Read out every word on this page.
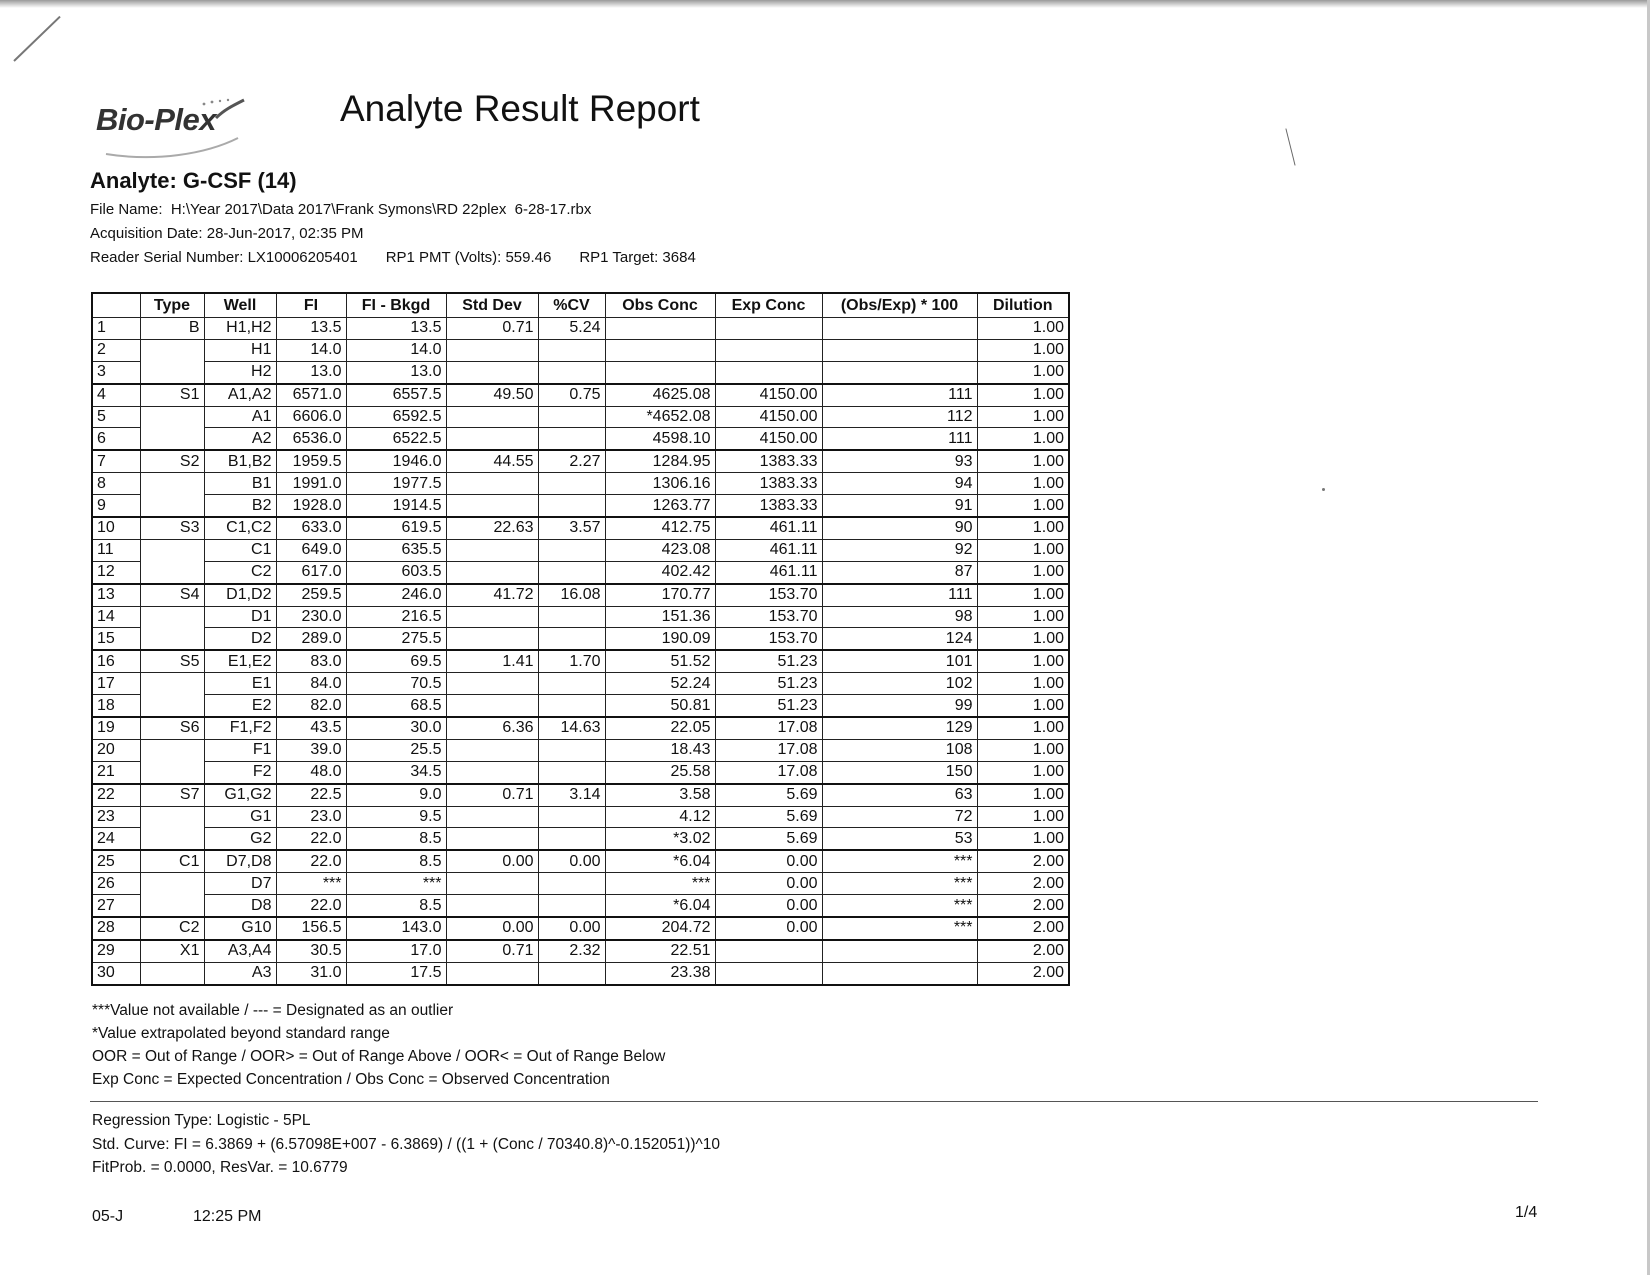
Bio-Plex	Analyte Result Report
Analyte: G-CSF (14)
File Name:  H:\Year 2017\Data 2017\Frank Symons\RD 22plex  6-28-17.rbx
Acquisition Date: 28-Jun-2017, 02:35 PM
Reader Serial Number: LX10006205401 RP1 PMT (Volts): 559.46 RP1 Target: 3684
	Type	Well	FI	FI - Bkgd	Std Dev	%CV	Obs Conc	Exp Conc	(Obs/Exp) * 100	Dilution
1	B	H1,H2	13.5	13.5	0.71	5.24				1.00
2		H1	14.0	14.0						1.00
3		H2	13.0	13.0						1.00
4	S1	A1,A2	6571.0	6557.5	49.50	0.75	4625.08	4150.00	111	1.00
5		A1	6606.0	6592.5			*4652.08	4150.00	112	1.00
6		A2	6536.0	6522.5			4598.10	4150.00	111	1.00
7	S2	B1,B2	1959.5	1946.0	44.55	2.27	1284.95	1383.33	93	1.00
8		B1	1991.0	1977.5			1306.16	1383.33	94	1.00
9		B2	1928.0	1914.5			1263.77	1383.33	91	1.00
10	S3	C1,C2	633.0	619.5	22.63	3.57	412.75	461.11	90	1.00
11		C1	649.0	635.5			423.08	461.11	92	1.00
12		C2	617.0	603.5			402.42	461.11	87	1.00
13	S4	D1,D2	259.5	246.0	41.72	16.08	170.77	153.70	111	1.00
14		D1	230.0	216.5			151.36	153.70	98	1.00
15		D2	289.0	275.5			190.09	153.70	124	1.00
16	S5	E1,E2	83.0	69.5	1.41	1.70	51.52	51.23	101	1.00
17		E1	84.0	70.5			52.24	51.23	102	1.00
18		E2	82.0	68.5			50.81	51.23	99	1.00
19	S6	F1,F2	43.5	30.0	6.36	14.63	22.05	17.08	129	1.00
20		F1	39.0	25.5			18.43	17.08	108	1.00
21		F2	48.0	34.5			25.58	17.08	150	1.00
22	S7	G1,G2	22.5	9.0	0.71	3.14	3.58	5.69	63	1.00
23		G1	23.0	9.5			4.12	5.69	72	1.00
24		G2	22.0	8.5			*3.02	5.69	53	1.00
25	C1	D7,D8	22.0	8.5	0.00	0.00	*6.04	0.00	***	2.00
26		D7	***	***			***	0.00	***	2.00
27		D8	22.0	8.5			*6.04	0.00	***	2.00
28	C2	G10	156.5	143.0	0.00	0.00	204.72	0.00	***	2.00
29	X1	A3,A4	30.5	17.0	0.71	2.32	22.51			2.00
30		A3	31.0	17.5			23.38			2.00
***Value not available / --- = Designated as an outlier
*Value extrapolated beyond standard range
OOR = Out of Range / OOR> = Out of Range Above / OOR< = Out of Range Below
Exp Conc = Expected Concentration / Obs Conc = Observed Concentration
Regression Type: Logistic - 5PL
Std. Curve: FI = 6.3869 + (6.57098E+007 - 6.3869) / ((1 + (Conc / 70340.8)^-0.152051))^10
FitProb. = 0.0000, ResVar. = 10.6779
05-J	12:25 PM	1/4
